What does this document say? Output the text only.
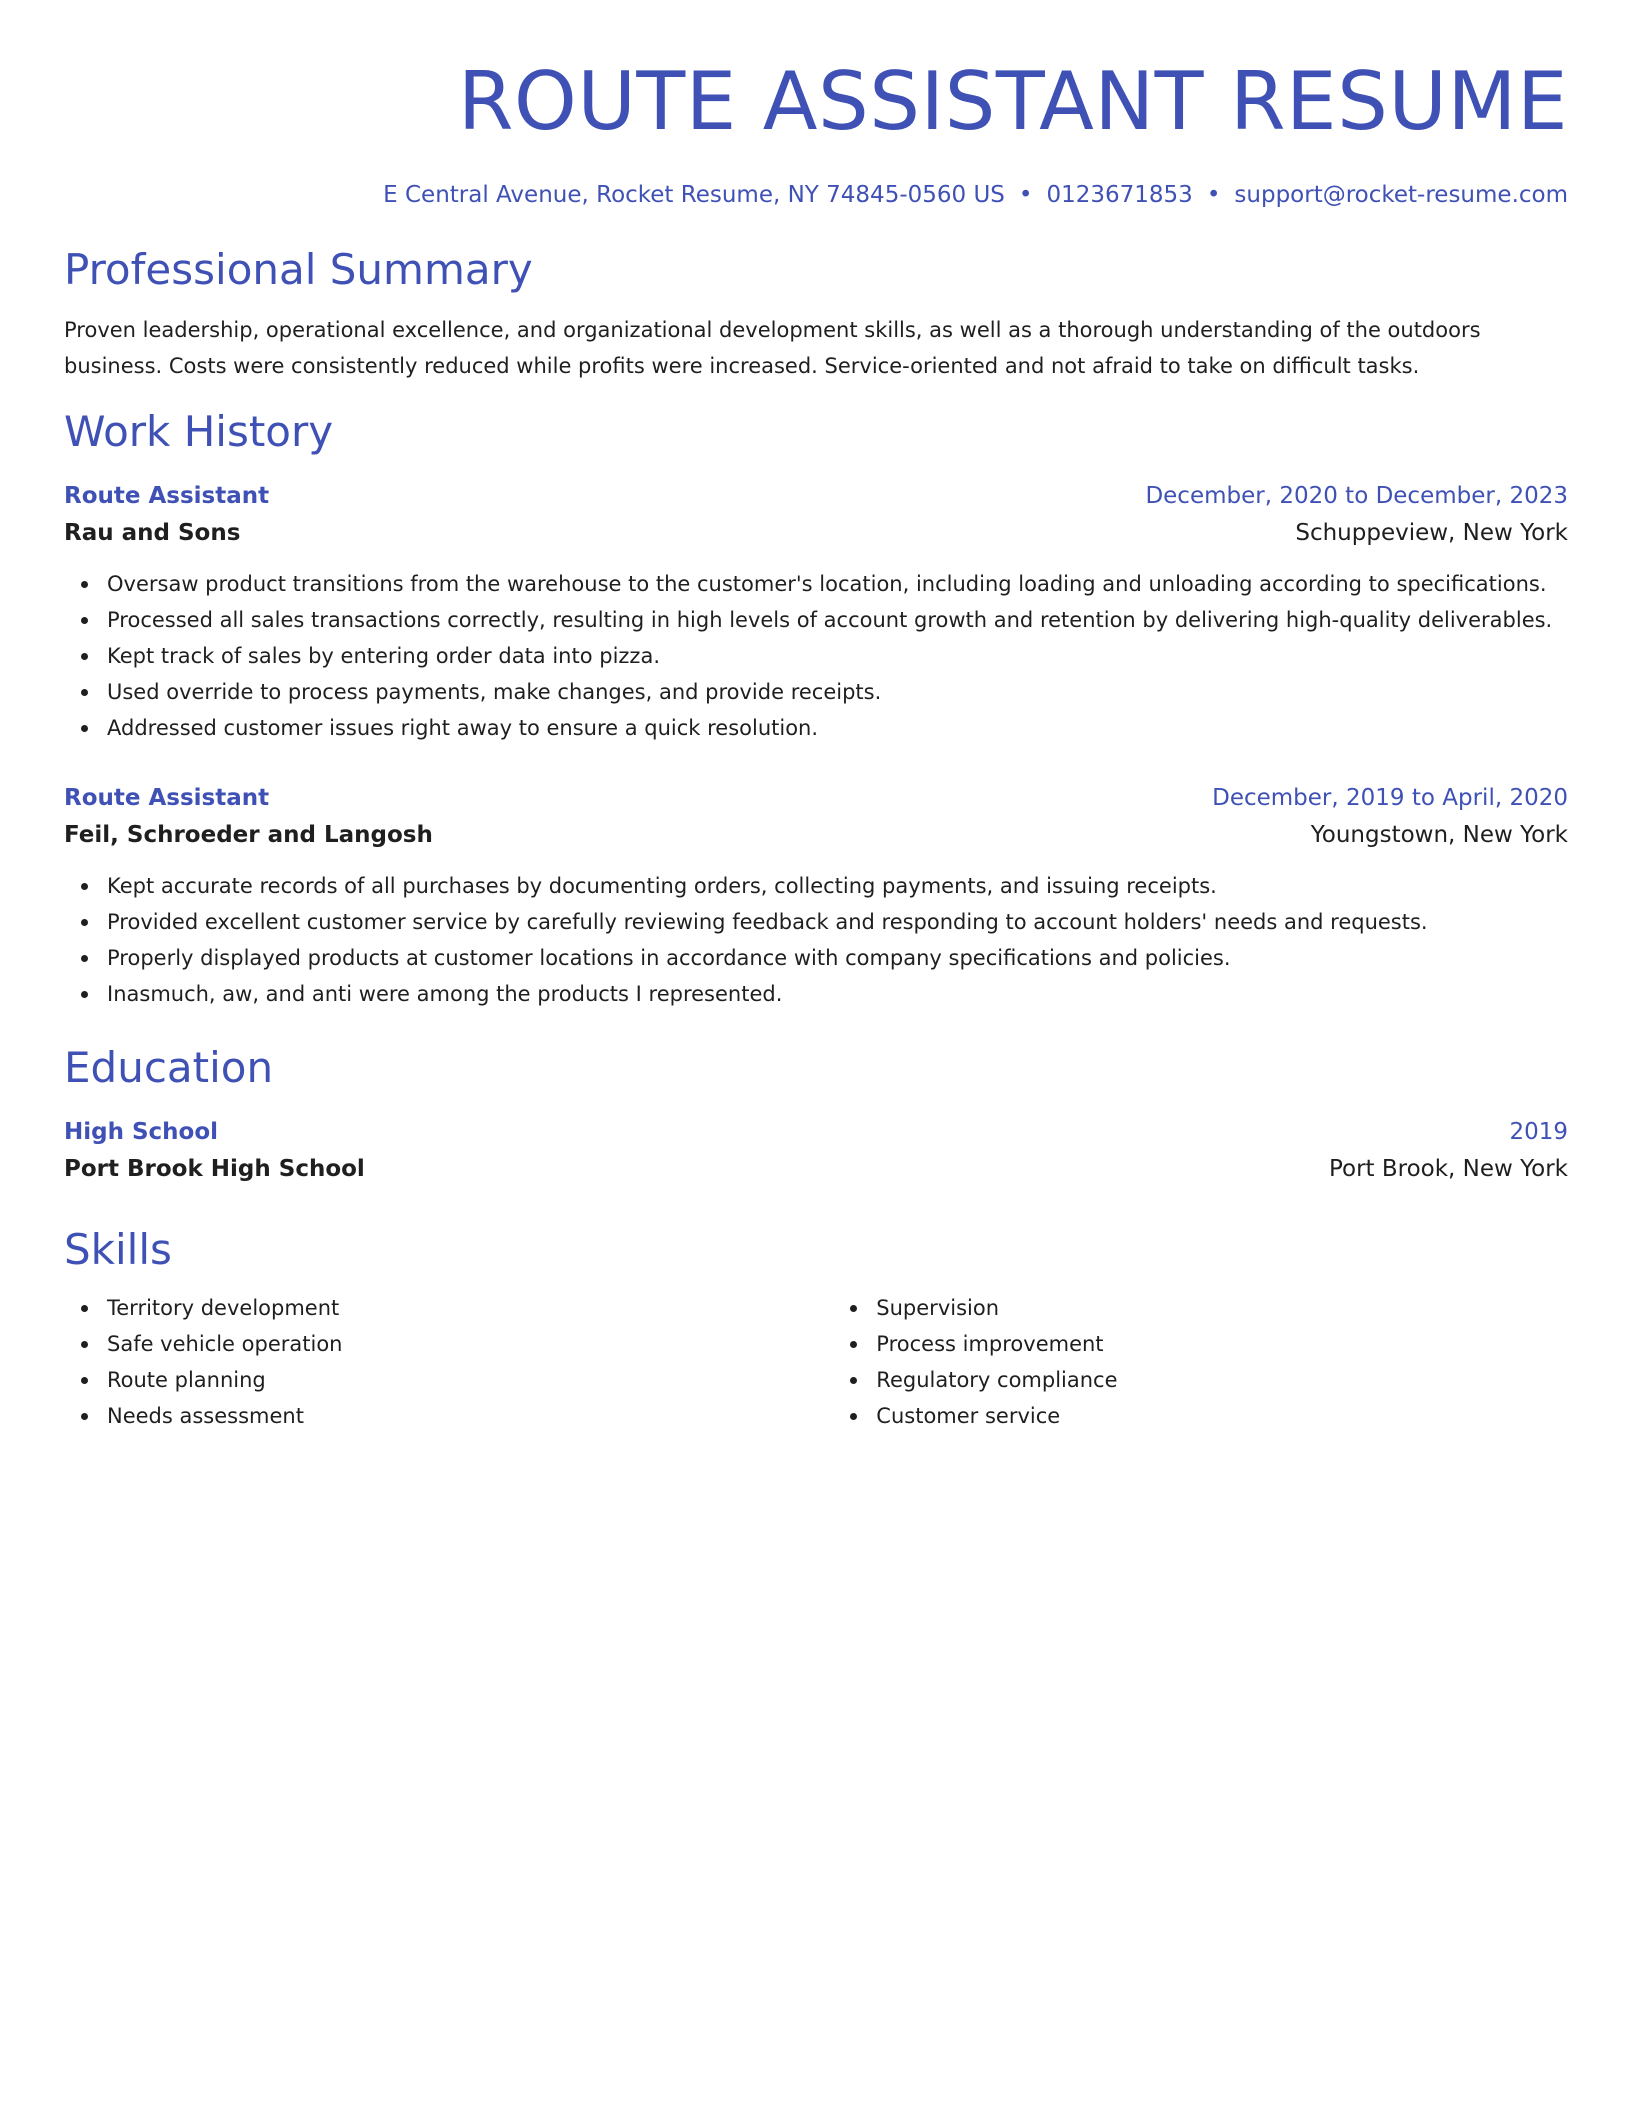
ROUTE ASSISTANT RESUME
E Central Avenue, Rocket Resume, NY 74845-0560 US • 0123671853 • support@rocket-resume.com
Professional Summary
Proven leadership, operational excellence, and organizational development skills, as well as a thorough understanding of the outdoors business. Costs were consistently reduced while profits were increased. Service-oriented and not afraid to take on difficult tasks.
Work History
Route Assistant	December, 2020 to December, 2023
Rau and Sons	Schuppeview, New York
Oversaw product transitions from the warehouse to the customer's location, including loading and unloading according to specifications.
Processed all sales transactions correctly, resulting in high levels of account growth and retention by delivering high-quality deliverables.
Kept track of sales by entering order data into pizza.
Used override to process payments, make changes, and provide receipts.
Addressed customer issues right away to ensure a quick resolution.
Route Assistant	December, 2019 to April, 2020
Feil, Schroeder and Langosh	Youngstown, New York
Kept accurate records of all purchases by documenting orders, collecting payments, and issuing receipts.
Provided excellent customer service by carefully reviewing feedback and responding to account holders' needs and requests.
Properly displayed products at customer locations in accordance with company specifications and policies.
Inasmuch, aw, and anti were among the products I represented.
Education
High School	2019
Port Brook High School	Port Brook, New York
Skills
Territory development
Safe vehicle operation
Route planning
Needs assessment
Supervision
Process improvement
Regulatory compliance
Customer service
